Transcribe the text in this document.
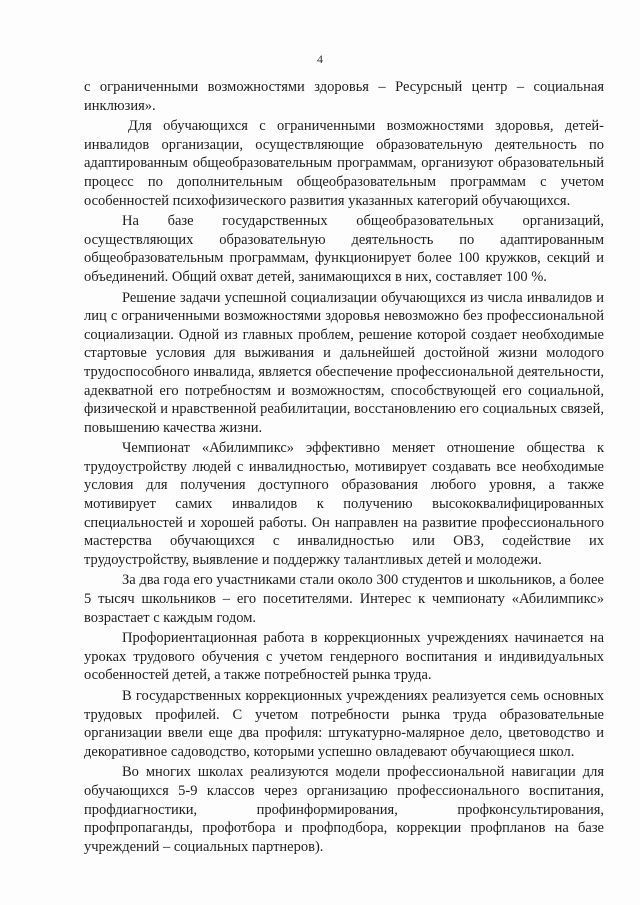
4

с ограниченными возможностями здоровья – Ресурсный центр – социальная инклюзия».

Для обучающихся с ограниченными возможностями здоровья, детей-инвалидов организации, осуществляющие образовательную деятельность по адаптированным общеобразовательным программам, организуют образовательный процесс по дополнительным общеобразовательным программам с учетом особенностей психофизического развития указанных категорий обучающихся.

На базе государственных общеобразовательных организаций, осуществляющих образовательную деятельность по адаптированным общеобразовательным программам, функционирует более 100 кружков, секций и объединений. Общий охват детей, занимающихся в них, составляет 100 %.

Решение задачи успешной социализации обучающихся из числа инвалидов и лиц с ограниченными возможностями здоровья невозможно без профессиональной социализации. Одной из главных проблем, решение которой создает необходимые стартовые условия для выживания и дальнейшей достойной жизни молодого трудоспособного инвалида, является обеспечение профессиональной деятельности, адекватной его потребностям и возможностям, способствующей его социальной, физической и нравственной реабилитации, восстановлению его социальных связей, повышению качества жизни.

Чемпионат «Абилимпикс» эффективно меняет отношение общества к трудоустройству людей с инвалидностью, мотивирует создавать все необходимые условия для получения доступного образования любого уровня, а также мотивирует самих инвалидов к получению высококвалифицированных специальностей и хорошей работы. Он направлен на развитие профессионального мастерства обучающихся с инвалидностью или ОВЗ, содействие их трудоустройству, выявление и поддержку талантливых детей и молодежи.

За два года его участниками стали около 300 студентов и школьников, а более 5 тысяч школьников – его посетителями. Интерес к чемпионату «Абилимпикс» возрастает с каждым годом.

Профориентационная работа в коррекционных учреждениях начинается на уроках трудового обучения с учетом гендерного воспитания и индивидуальных особенностей детей, а также потребностей рынка труда.

В государственных коррекционных учреждениях реализуется семь основных трудовых профилей. С учетом потребности рынка труда образовательные организации ввели еще два профиля: штукатурно-малярное дело, цветоводство и декоративное садоводство, которыми успешно овладевают обучающиеся школ.

Во многих школах реализуются модели профессиональной навигации для обучающихся 5-9 классов через организацию профессионального воспитания, профдиагностики, профинформирования, профконсультирования, профпропаганды, профотбора и профподбора, коррекции профпланов на базе учреждений – социальных партнеров).
